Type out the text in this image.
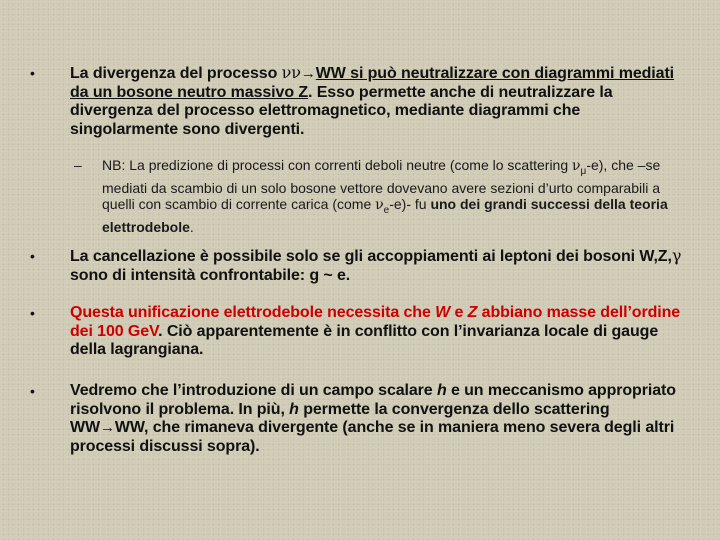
• La divergenza del processo νν→WW si può neutralizzare con diagrammi mediati da un bosone neutro massivo Z. Esso permette anche di neutralizzare la divergenza del processo elettromagnetico, mediante diagrammi che singolarmente sono divergenti.
– NB: La predizione di processi con correnti deboli neutre (come lo scattering $\nu_\mu-e$), che –se mediati da scambio di un solo bosone vettore dovevano avere sezioni d’urto comparabili a quelli con scambio di corrente carica (come $\nu_e-e)-$ fu uno dei grandi successi della teoria elettrodebole.
• La cancellazione è possibile solo se gli accoppiamenti ai leptoni dei bosoni W,Z,γ sono di intensità confrontabile: g ~ e.
• Questa unificazione elettrodebole necessita che W e Z abbiano masse dell’ordine dei 100 GeV. Ciò apparentemente è in conflitto con l’invarianza locale di gauge della lagrangiana.
• Vedremo che l’introduzione di un campo scalare h e un meccanismo appropriato risolvono il problema. In più, h permette la convergenza dello scattering WW→WW, che rimaneva divergente (anche se in maniera meno severa degli altri processi discussi sopra).
